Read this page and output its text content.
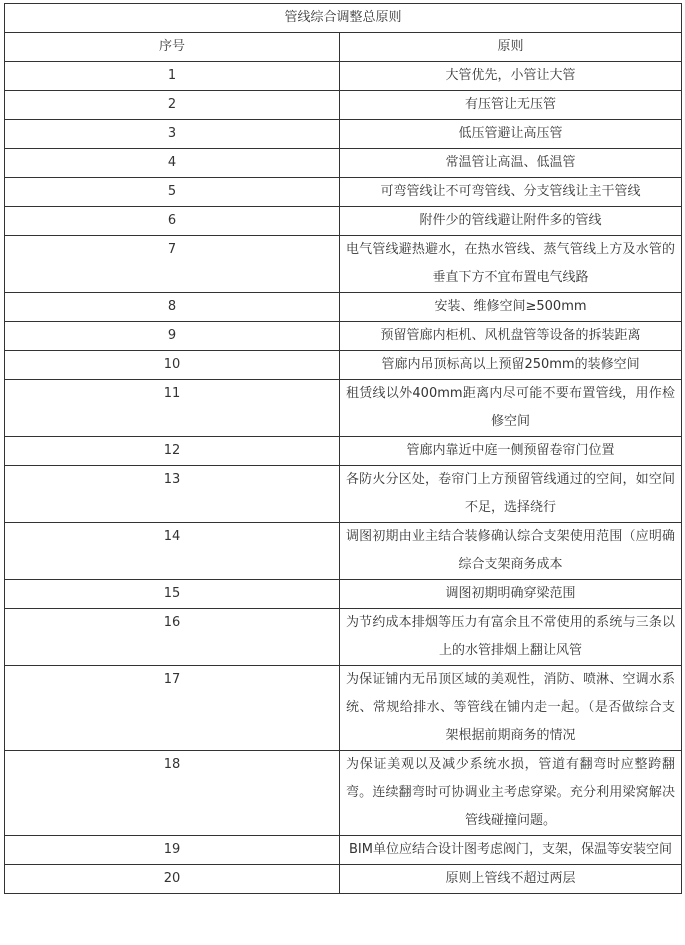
管线综合调整总原则	
序号	原则
1	大管优先，小管让大管
2	有压管让无压管
3	低压管避让高压管
4	常温管让高温、低温管
5	可弯管线让不可弯管线、分支管线让主干管线
6	附件少的管线避让附件多的管线
7	电气管线避热避水，在热水管线、蒸气管线上方及水管的垂直下方不宜布置电气线路
8	安装、维修空间≥500mm
9	预留管廊内柜机、风机盘管等设备的拆装距离
10	管廊内吊顶标高以上预留250mm的装修空间
11	租赁线以外400mm距离内尽可能不要布置管线，用作检修空间
12	管廊内靠近中庭一侧预留卷帘门位置
13	各防火分区处，卷帘门上方预留管线通过的空间，如空间不足，选择绕行
14	调图初期由业主结合装修确认综合支架使用范围（应明确综合支架商务成本
15	调图初期明确穿梁范围
16	为节约成本排烟等压力有富余且不常使用的系统与三条以上的水管排烟上翻让风管
17	为保证铺内无吊顶区域的美观性，消防、喷淋、空调水系统、常规给排水、等管线在铺内走一起。（是否做综合支架根据前期商务的情况
18	为保证美观以及减少系统水损，管道有翻弯时应整跨翻弯。连续翻弯时可协调业主考虑穿梁。充分利用梁窝解决管线碰撞问题。
19	BIM单位应结合设计图考虑阀门，支架，保温等安装空间
20	原则上管线不超过两层
